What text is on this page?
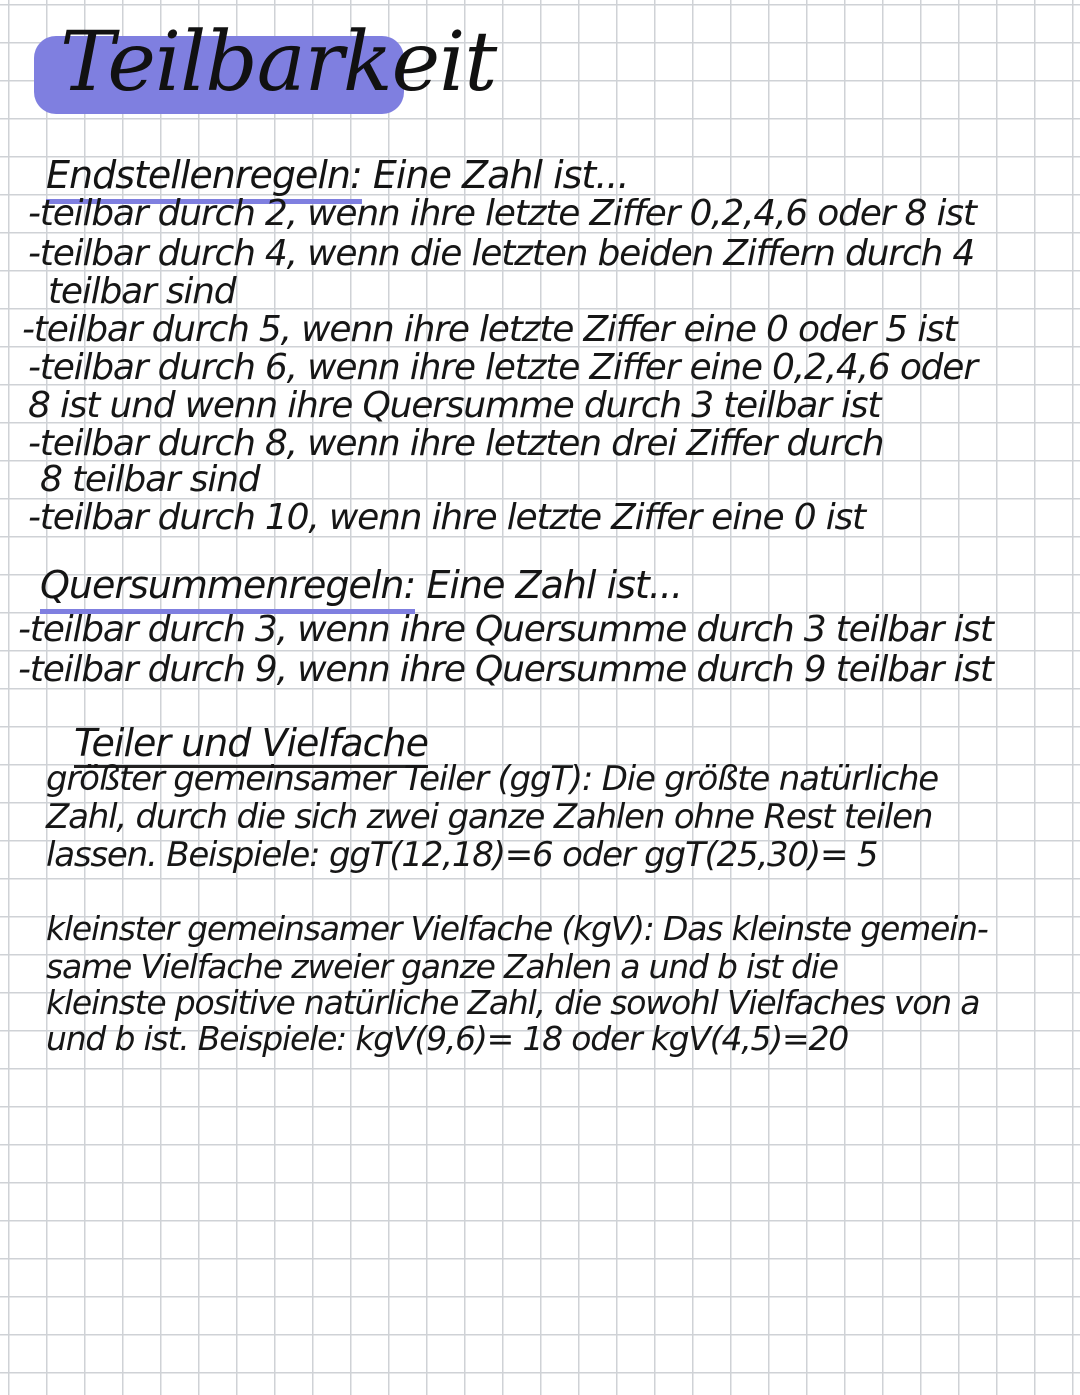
Teilbarkeit
Endstellenregeln: Eine Zahl ist...
-teilbar durch 2, wenn ihre letzte Ziffer 0,2,4,6 oder 8 ist
-teilbar durch 4, wenn die letzten beiden Ziffern durch 4
teilbar sind
-teilbar durch 5, wenn ihre letzte Ziffer eine 0 oder 5 ist
-teilbar durch 6, wenn ihre letzte Ziffer eine 0,2,4,6 oder
8 ist und wenn ihre Quersumme durch 3 teilbar ist
-teilbar durch 8, wenn ihre letzten drei Ziffer durch
8 teilbar sind
-teilbar durch 10, wenn ihre letzte Ziffer eine 0 ist
Quersummenregeln: Eine Zahl ist...
-teilbar durch 3, wenn ihre Quersumme durch 3 teilbar ist
-teilbar durch 9, wenn ihre Quersumme durch 9 teilbar ist
Teiler und Vielfache
größter gemeinsamer Teiler (ggT): Die größte natürliche
Zahl, durch die sich zwei ganze Zahlen ohne Rest teilen
lassen. Beispiele: ggT(12,18)=6 oder ggT(25,30)= 5
kleinster gemeinsamer Vielfache (kgV): Das kleinste gemein-
same Vielfache zweier ganze Zahlen a und b ist die
kleinste positive natürliche Zahl, die sowohl Vielfaches von a
und b ist. Beispiele: kgV(9,6)= 18 oder kgV(4,5)=20
